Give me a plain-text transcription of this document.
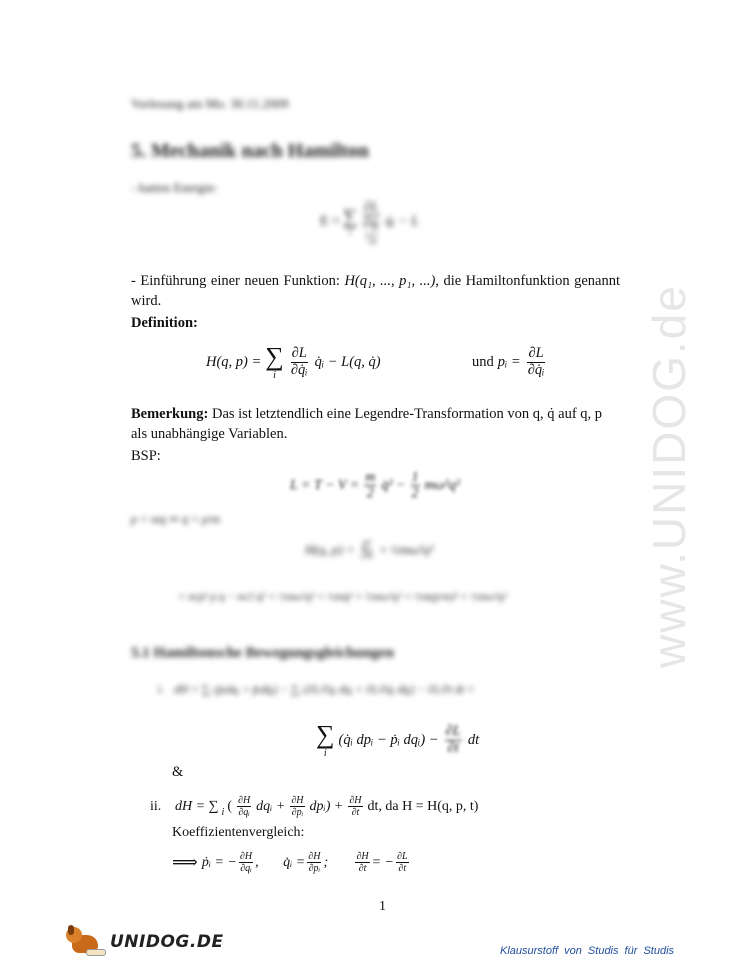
www.UNIDOG.de
Vorlesung am Mo. 30.11.2009
5. Mechanik nach Hamilton
- hatten Energie:
E = ∑
i
$\frac{\partial L}{\text{∂q̇ᵢ}}$
=pᵢ
q̇ᵢ − L
- Einführung einer neuen Funktion: H(q₁, ..., p₁, ...), die Hamiltonfunktion genannt wird.
Definition:
H(q, p) = ∑
i $\frac{\partial L}{\text{∂q̇ᵢ}}$ q̇ᵢ − L(q, q̇)	und pᵢ = $\frac{\partial L}{\text{∂q̇ᵢ}}$
Bemerkung: Das ist letztendlich eine Legendre-Transformation von q, q̇ auf q, p als unabhängige Variablen.
BSP:
$L = T - V = \frac{m}{2}$ q̇² − $\frac{1}{2} m\omega^2q^2$
p = mq̇ ⇒ q̇ = p/m
H(q, $p) = \frac{\text{p²}}{2m}$ + ½mω²q²
= m/p² p q̇ − m/2 q̇² + ½mω²q² = ½mq̇² + ½mω²q² = ½m(p/m)² + ½mω²q²
5.1 Hamiltonsche Bewegungsgleichungen
i. dH = ∑ᵢ (ṗᵢdqᵢ + p̄ᵢdq̇ᵢ) − ∑ᵢ (∂L/∂qᵢ dqᵢ + ∂L/∂q̇ᵢ dq̇ᵢ) − ∂L/∂t dt =
∑
i
(q̇ᵢ dpᵢ − ṗᵢ dqᵢ) − $\frac{\partial L}{\partial t}$ dt
&
ii. dH = ∑ i ( $\frac{\partial H}{\text{∂qᵢ}}$ dqᵢ + $\frac{\partial H}{\text{∂pᵢ}}$ dpᵢ) + $\frac{\partial H}{\partial t}$ dt, da H = H(q, p, t)
Koeffizientenvergleich:
⟹ ṗᵢ = − $\frac{\partial H}{\text{∂qᵢ}}$ ,	q̇ᵢ = $\frac{\partial H}{\text{∂pᵢ}}$ ;	$\frac{\partial H}{\partial t}$ = − $\frac{\partial L}{\partial t}$
1
UNIDOG.DE	Klausurstoff von Studis für Studis
